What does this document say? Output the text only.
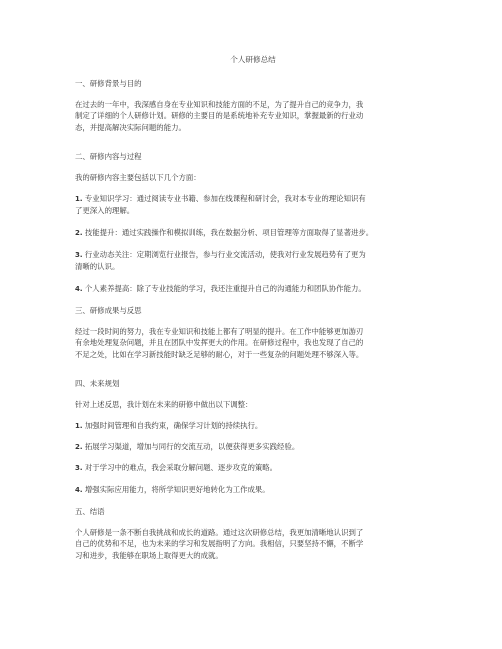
个人研修总结
一、研修背景与目的
在过去的一年中，我深感自身在专业知识和技能方面的不足，为了提升自己的竞争力，我
制定了详细的个人研修计划。研修的主要目的是系统地补充专业知识，掌握最新的行业动
态，并提高解决实际问题的能力。
二、研修内容与过程
我的研修内容主要包括以下几个方面：
1. 专业知识学习：通过阅读专业书籍、参加在线课程和研讨会，我对本专业的理论知识有
了更深入的理解。
2. 技能提升：通过实践操作和模拟训练，我在数据分析、项目管理等方面取得了显著进步。
3. 行业动态关注：定期浏览行业报告，参与行业交流活动，使我对行业发展趋势有了更为
清晰的认识。
4. 个人素养提高：除了专业技能的学习，我还注重提升自己的沟通能力和团队协作能力。
三、研修成果与反思
经过一段时间的努力，我在专业知识和技能上都有了明显的提升。在工作中能够更加游刃
有余地处理复杂问题，并且在团队中发挥更大的作用。在研修过程中，我也发现了自己的
不足之处，比如在学习新技能时缺乏足够的耐心，对于一些复杂的问题处理不够深入等。
四、未来规划
针对上述反思，我计划在未来的研修中做出以下调整：
1. 加强时间管理和自我约束，确保学习计划的持续执行。
2. 拓展学习渠道，增加与同行的交流互动，以便获得更多实践经验。
3. 对于学习中的难点，我会采取分解问题、逐步攻克的策略。
4. 增强实际应用能力，将所学知识更好地转化为工作成果。
五、结语
个人研修是一条不断自我挑战和成长的道路。通过这次研修总结，我更加清晰地认识到了
自己的优势和不足，也为未来的学习和发展指明了方向。我相信，只要坚持不懈，不断学
习和进步，我能够在职场上取得更大的成就。
